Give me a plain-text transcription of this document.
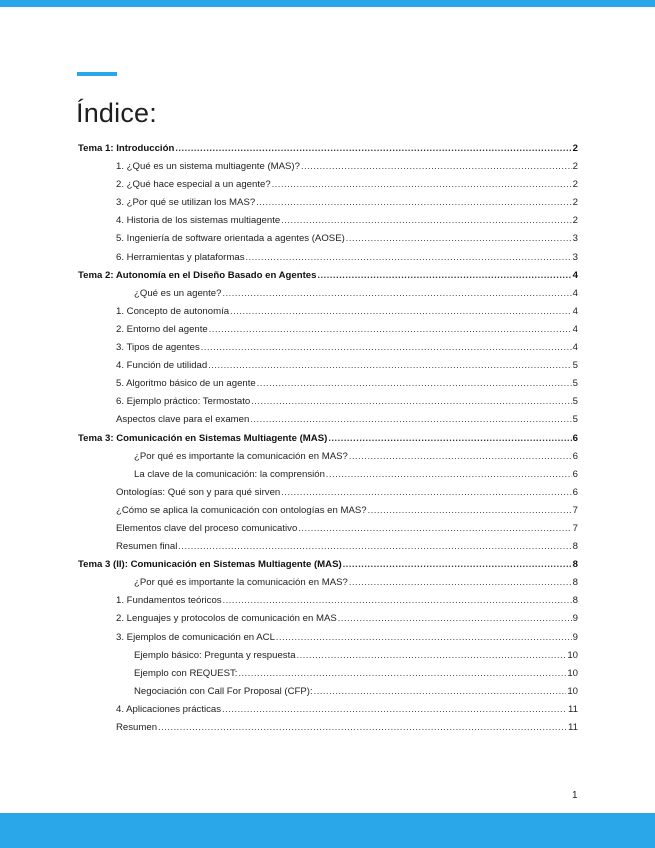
Índice:
Tema 1: Introducción .....	2
1. ¿Qué es un sistema multiagente (MAS)? .....	2
2. ¿Qué hace especial a un agente? .....	2
3. ¿Por qué se utilizan los MAS? .....	2
4. Historia de los sistemas multiagente .....	2
5. Ingeniería de software orientada a agentes (AOSE) .....	3
6. Herramientas y plataformas .....	3
Tema 2: Autonomía en el Diseño Basado en Agentes .....	4
¿Qué es un agente? .....	4
1. Concepto de autonomía .....	4
2. Entorno del agente .....	4
3. Tipos de agentes .....	4
4. Función de utilidad .....	5
5. Algoritmo básico de un agente .....	5
6. Ejemplo práctico: Termostato .....	5
Aspectos clave para el examen .....	5
Tema 3: Comunicación en Sistemas Multiagente (MAS) .....	6
¿Por qué es importante la comunicación en MAS? .....	6
La clave de la comunicación: la comprensión .....	6
Ontologías: Qué son y para qué sirven .....	6
¿Cómo se aplica la comunicación con ontologías en MAS? .....	7
Elementos clave del proceso comunicativo .....	7
Resumen final .....	8
Tema 3 (II): Comunicación en Sistemas Multiagente (MAS) .....	8
¿Por qué es importante la comunicación en MAS? .....	8
1. Fundamentos teóricos .....	8
2. Lenguajes y protocolos de comunicación en MAS .....	9
3. Ejemplos de comunicación en ACL .....	9
Ejemplo básico: Pregunta y respuesta .....	10
Ejemplo con REQUEST: .....	10
Negociación con Call For Proposal (CFP): .....	10
4. Aplicaciones prácticas .....	11
Resumen .....	11
1
